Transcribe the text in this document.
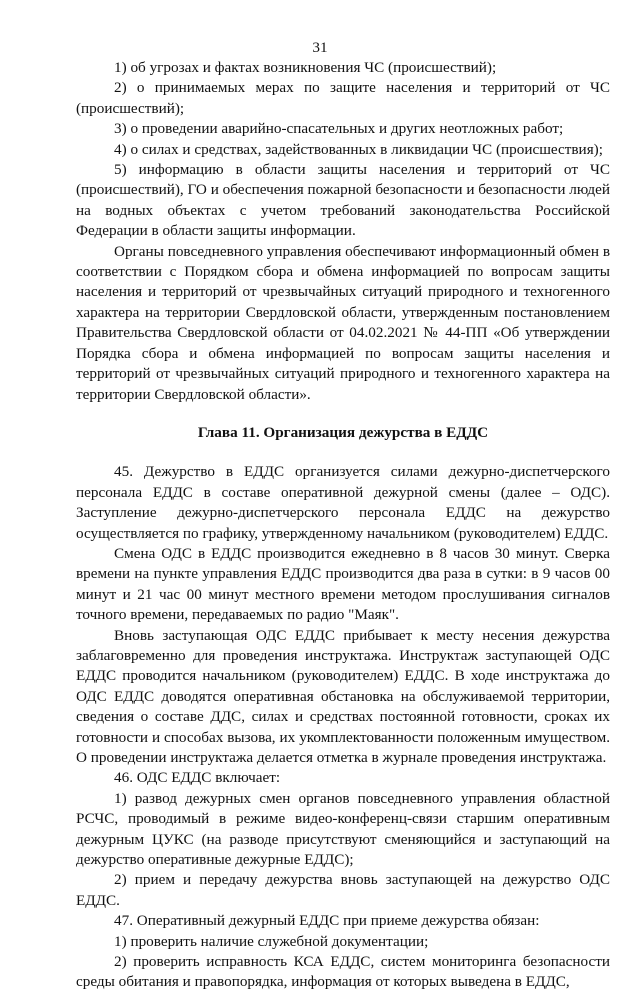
31

1) об угрозах и фактах возникновения ЧС (происшествий);

2) о принимаемых мерах по защите населения и территорий от ЧС (происшествий);

3) о проведении аварийно-спасательных и других неотложных работ;

4) о силах и средствах, задействованных в ликвидации ЧС (происшествия);

5) информацию в области защиты населения и территорий от ЧС (происшествий), ГО и обеспечения пожарной безопасности и безопасности людей на водных объектах с учетом требований законодательства Российской Федерации в области защиты информации.

Органы повседневного управления обеспечивают информационный обмен в соответствии с Порядком сбора и обмена информацией по вопросам защиты населения и территорий от чрезвычайных ситуаций природного и техногенного характера на территории Свердловской области, утвержденным постановлением Правительства Свердловской области от 04.02.2021 № 44-ПП «Об утверждении Порядка сбора и обмена информацией по вопросам защиты населения и территорий от чрезвычайных ситуаций природного и техногенного характера на территории Свердловской области».

Глава 11. Организация дежурства в ЕДДС

45. Дежурство в ЕДДС организуется силами дежурно-диспетчерского персонала ЕДДС в составе оперативной дежурной смены (далее – ОДС). Заступление дежурно-диспетчерского персонала ЕДДС на дежурство осуществляется по графику, утвержденному начальником (руководителем) ЕДДС.

Смена ОДС в ЕДДС производится ежедневно в 8 часов 30 минут. Сверка времени на пункте управления ЕДДС производится два раза в сутки: в 9 часов 00 минут и 21 час 00 минут местного времени методом прослушивания сигналов точного времени, передаваемых по радио "Маяк".

Вновь заступающая ОДС ЕДДС прибывает к месту несения дежурства заблаговременно для проведения инструктажа. Инструктаж заступающей ОДС ЕДДС проводится начальником (руководителем) ЕДДС. В ходе инструктажа до ОДС ЕДДС доводятся оперативная обстановка на обслуживаемой территории, сведения о составе ДДС, силах и средствах постоянной готовности, сроках их готовности и способах вызова, их укомплектованности положенным имуществом. О проведении инструктажа делается отметка в журнале проведения инструктажа.

46. ОДС ЕДДС включает:

1) развод дежурных смен органов повседневного управления областной РСЧС, проводимый в режиме видео-конференц-связи старшим оперативным дежурным ЦУКС (на разводе присутствуют сменяющийся и заступающий на дежурство оперативные дежурные ЕДДС);

2) прием и передачу дежурства вновь заступающей на дежурство ОДС ЕДДС.

47. Оперативный дежурный ЕДДС при приеме дежурства обязан:

1) проверить наличие служебной документации;

2) проверить исправность КСА ЕДДС, систем мониторинга безопасности среды обитания и правопорядка, информация от которых выведена в ЕДДС,
